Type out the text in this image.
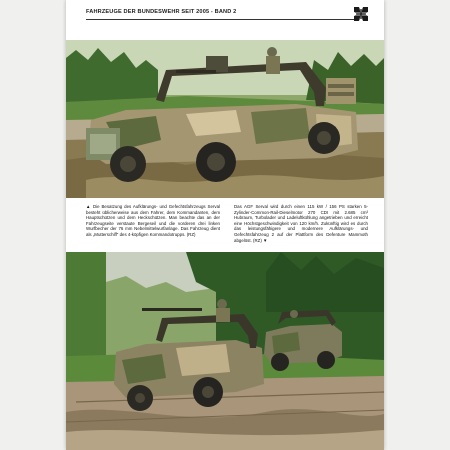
FAHRZEUGE DER BUNDESWEHR SEIT 2005 - BAND 2
▲ Die Besatzung des Aufklärungs- und Gefechtsfahrzeugs Serval besteht üblicherweise aus dem Fahrer, dem Kommandanten, dem Hauptschützen und dem Heckschützen. Man beachte das an der Fahrzeugseite verstaute Bergeseil und die vorderen drei linken Wurfbecher der 76 mm Nebelmittelwurfanlage. Das Fahrzeug dient als „Mutterschiff“ des 4-köpfigen Kommandotrupps. (RZ)
Das AGF Serval wird durch einen 115 kW / 156 PS starken 5-Zylinder-Common-Rail-Dieselmotor 270 CDI mit 2.685 cm³ Hubraum, Turbolader und Ladeluftkühlung angetrieben und erreicht eine Höchstgeschwindigkeit von 120 km/h. Zukünftig wird es durch das leistungsfähigere und modernere Aufklärungs- und Gefechtsfahrzeug 2 auf der Plattform des Defenture Mammoth abgelöst. (RZ) ▼
